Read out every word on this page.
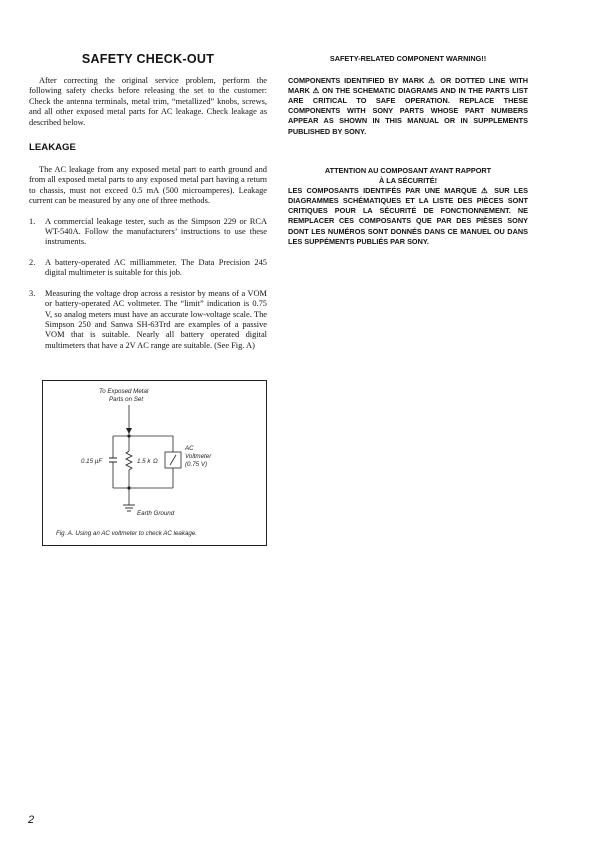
SAFETY CHECK-OUT

After correcting the original service problem, perform the following safety checks before releasing the set to the customer: Check the antenna terminals, metal trim, “metallized” knobs, screws, and all other exposed metal parts for AC leakage. Check leakage as described below.

LEAKAGE

The AC leakage from any exposed metal part to earth ground and from all exposed metal parts to any exposed metal part having a return to chassis, must not exceed 0.5 mA (500 microamperes). Leakage current can be measured by any one of three methods.

1.	A commercial leakage tester, such as the Simpson 229 or RCA WT-540A. Follow the manufacturers’ instructions to use these instruments.
2.	A battery-operated AC milliammeter. The Data Precision 245 digital multimeter is suitable for this job.
3.	Measuring the voltage drop across a resistor by means of a VOM or battery-operated AC voltmeter. The “limit” indication is 0.75 V, so analog meters must have an accurate low-voltage scale. The Simpson 250 and Sanwa SH-63Trd are examples of a passive VOM that is suitable. Nearly all battery operated digital multimeters that have a 2V AC range are suitable. (See Fig. A)
To Exposed Metal
Parts on Set
0.15 µF	1.5 k Ω
AC
Voltmeter
(0.75 V)
Earth Ground
Fig. A. Using an AC voltmeter to check AC leakage.

SAFETY-RELATED COMPONENT WARNING!!

COMPONENTS IDENTIFIED BY MARK ⚠ OR DOTTED LINE WITH MARK ⚠ ON THE SCHEMATIC DIAGRAMS AND IN THE PARTS LIST ARE CRITICAL TO SAFE OPERATION. REPLACE THESE COMPONENTS WITH SONY PARTS WHOSE PART NUMBERS APPEAR AS SHOWN IN THIS MANUAL OR IN SUPPLEMENTS PUBLISHED BY SONY.

ATTENTION AU COMPOSANT AYANT RAPPORT

À LA SÉCURITÉ!

LES COMPOSANTS IDENTIFÉS PAR UNE MARQUE ⚠ SUR LES DIAGRAMMES SCHÉMATIQUES ET LA LISTE DES PIÈCES SONT CRITIQUES POUR LA SÉCURITÉ DE FONCTIONNEMENT. NE REMPLACER CES COMPOSANTS QUE PAR DES PIÈSES SONY DONT LES NUMÉROS SONT DONNÉS DANS CE MANUEL OU DANS LES SUPPÉMENTS PUBLIÉS PAR SONY.

2
